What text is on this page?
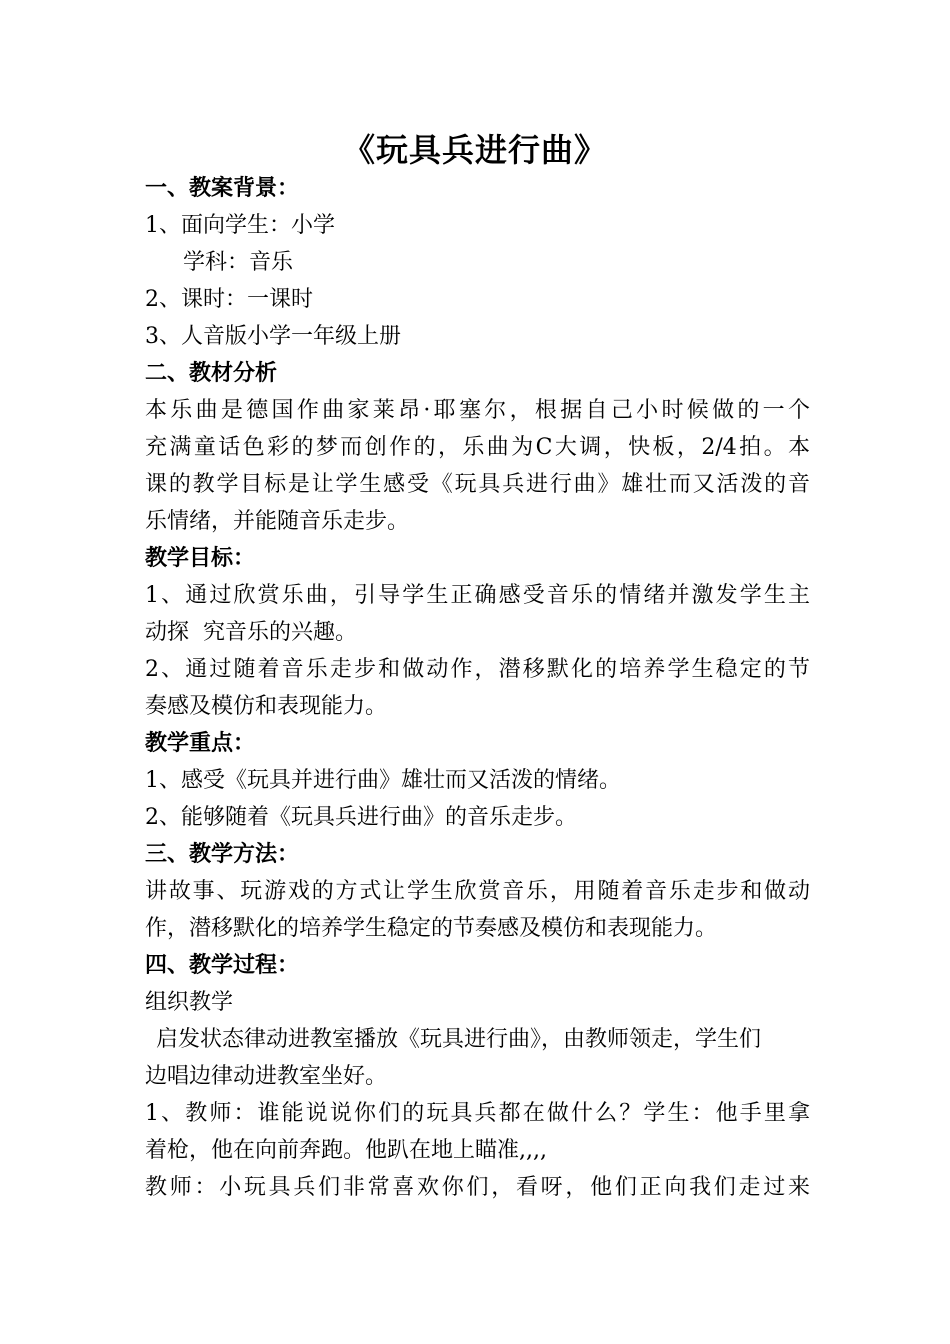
《玩具兵进行曲》
一、教案背景：
1、面向学生：小学
学科：音乐
2、课时：一课时
3、人音版小学一年级上册
二、教材分析
本乐曲是德国作曲家莱昂·耶塞尔，根据自己小时候做的一个
充满童话色彩的梦而创作的，乐曲为C大调，快板，2/4拍。本
课的教学目标是让学生感受《玩具兵进行曲》雄壮而又活泼的音
乐情绪，并能随音乐走步。
教学目标：
1、通过欣赏乐曲，引导学生正确感受音乐的情绪并激发学生主
动探  究音乐的兴趣。
2、通过随着音乐走步和做动作，潜移默化的培养学生稳定的节
奏感及模仿和表现能力。
教学重点：
1、感受《玩具并进行曲》雄壮而又活泼的情绪。
2、能够随着《玩具兵进行曲》的音乐走步。
三、教学方法：
讲故事、玩游戏的方式让学生欣赏音乐，用随着音乐走步和做动
作，潜移默化的培养学生稳定的节奏感及模仿和表现能力。
四、教学过程：
组织教学
启发状态律动进教室播放《玩具进行曲》，由教师领走，学生们
边唱边律动进教室坐好。
1、教师：谁能说说你们的玩具兵都在做什么？学生：他手里拿
着枪，他在向前奔跑。他趴在地上瞄准,,,,
教师：小玩具兵们非常喜欢你们，看呀，他们正向我们走过来
